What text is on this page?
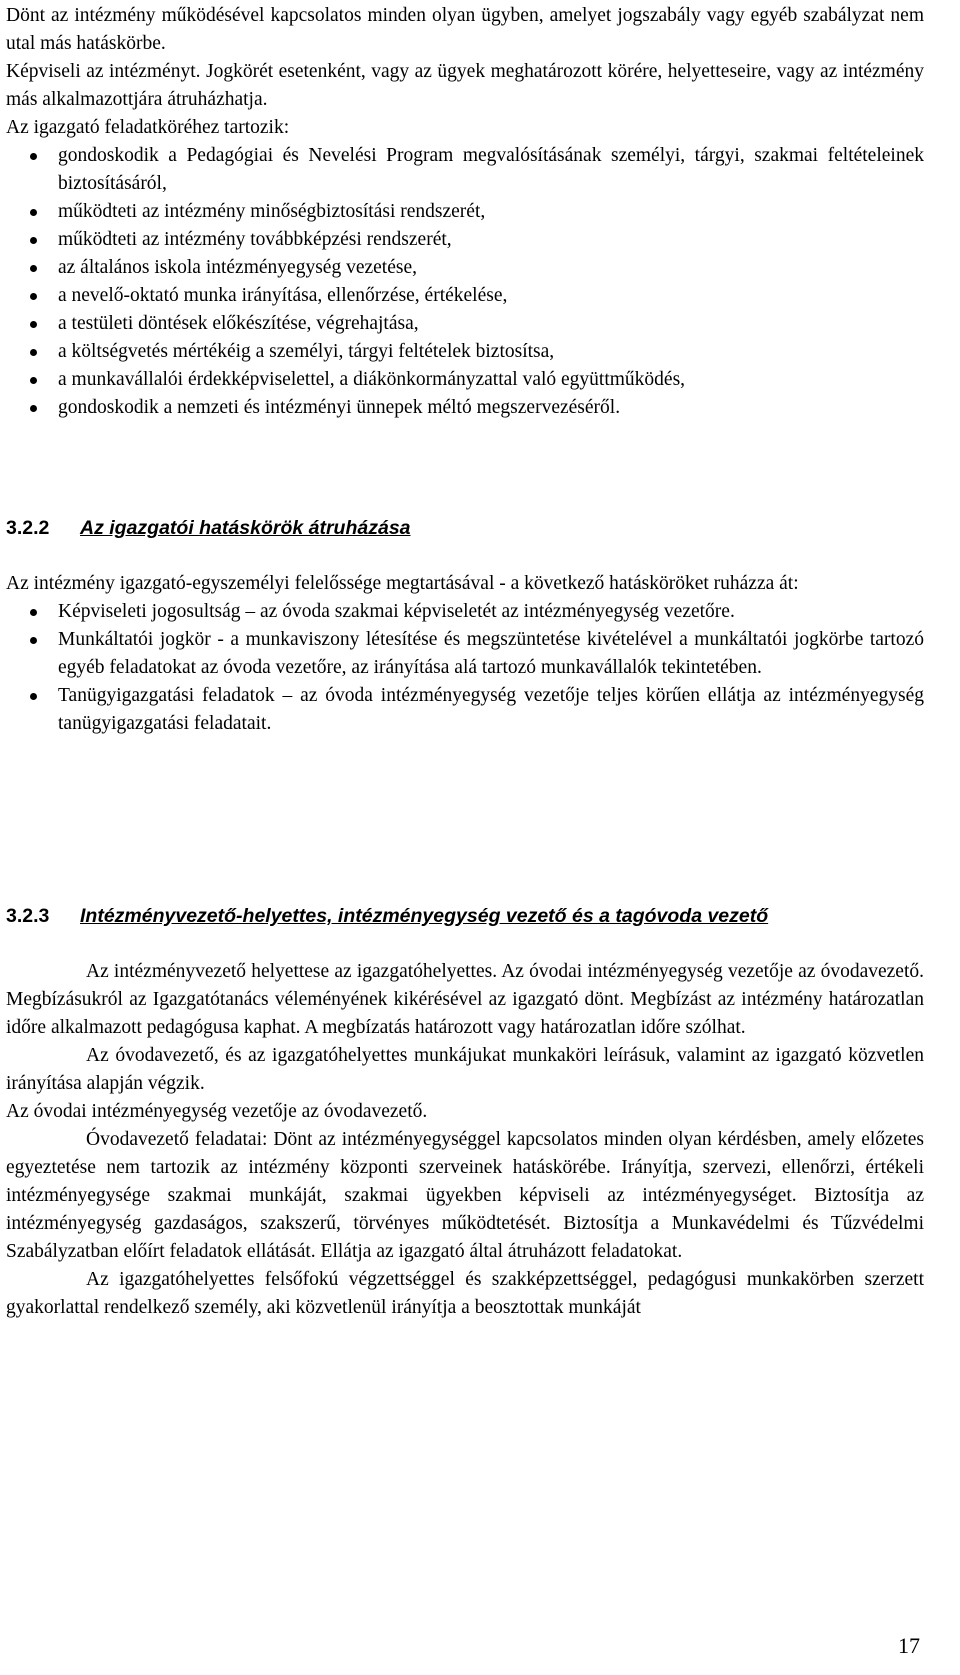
Dönt az intézmény működésével kapcsolatos minden olyan ügyben, amelyet jogszabály vagy egyéb szabályzat nem utal más hatáskörbe.

Képviseli az intézményt. Jogkörét esetenként, vagy az ügyek meghatározott körére, helyetteseire, vagy az intézmény más alkalmazottjára átruházhatja.

Az igazgató feladatköréhez tartozik:

gondoskodik a Pedagógiai és Nevelési Program megvalósításának személyi, tárgyi, szakmai feltételeinek biztosításáról,
működteti az intézmény minőségbiztosítási rendszerét,
működteti az intézmény továbbképzési rendszerét,
az általános iskola intézményegység vezetése,
a nevelő-oktató munka irányítása, ellenőrzése, értékelése,
a testületi döntések előkészítése, végrehajtása,
a költségvetés mértékéig a személyi, tárgyi feltételek biztosítsa,
a munkavállalói érdekképviselettel, a diákönkormányzattal való együttműködés,
gondoskodik a nemzeti és intézményi ünnepek méltó megszervezéséről.
3.2.2 Az igazgatói hatáskörök átruházása

Az intézmény igazgató-egyszemélyi felelőssége megtartásával - a következő hatásköröket ruházza át:

Képviseleti jogosultság – az óvoda szakmai képviseletét az intézményegység vezetőre.
Munkáltatói jogkör - a munkaviszony létesítése és megszüntetése kivételével a munkáltatói jogkörbe tartozó egyéb feladatokat az óvoda vezetőre, az irányítása alá tartozó munkavállalók tekintetében.
Tanügyigazgatási feladatok – az óvoda intézményegység vezetője teljes körűen ellátja az intézményegység tanügyigazgatási feladatait.
3.2.3 Intézményvezető-helyettes, intézményegység vezető és a tagóvoda vezető

Az intézményvezető helyettese az igazgatóhelyettes. Az óvodai intézményegység vezetője az óvodavezető. Megbízásukról az Igazgatótanács véleményének kikérésével az igazgató dönt. Megbízást az intézmény határozatlan időre alkalmazott pedagógusa kaphat. A megbízatás határozott vagy határozatlan időre szólhat.

Az óvodavezető, és az igazgatóhelyettes munkájukat munkaköri leírásuk, valamint az igazgató közvetlen irányítása alapján végzik.

Az óvodai intézményegység vezetője az óvodavezető.

Óvodavezető feladatai: Dönt az intézményegységgel kapcsolatos minden olyan kérdésben, amely előzetes egyeztetése nem tartozik az intézmény központi szerveinek hatáskörébe. Irányítja, szervezi, ellenőrzi, értékeli intézményegysége szakmai munkáját, szakmai ügyekben képviseli az intézményegységet. Biztosítja az intézményegység gazdaságos, szakszerű, törvényes működtetését. Biztosítja a Munkavédelmi és Tűzvédelmi Szabályzatban előírt feladatok ellátását. Ellátja az igazgató által átruházott feladatokat.

Az igazgatóhelyettes felsőfokú végzettséggel és szakképzettséggel, pedagógusi munkakörben szerzett gyakorlattal rendelkező személy, aki közvetlenül irányítja a beosztottak munkáját

17
